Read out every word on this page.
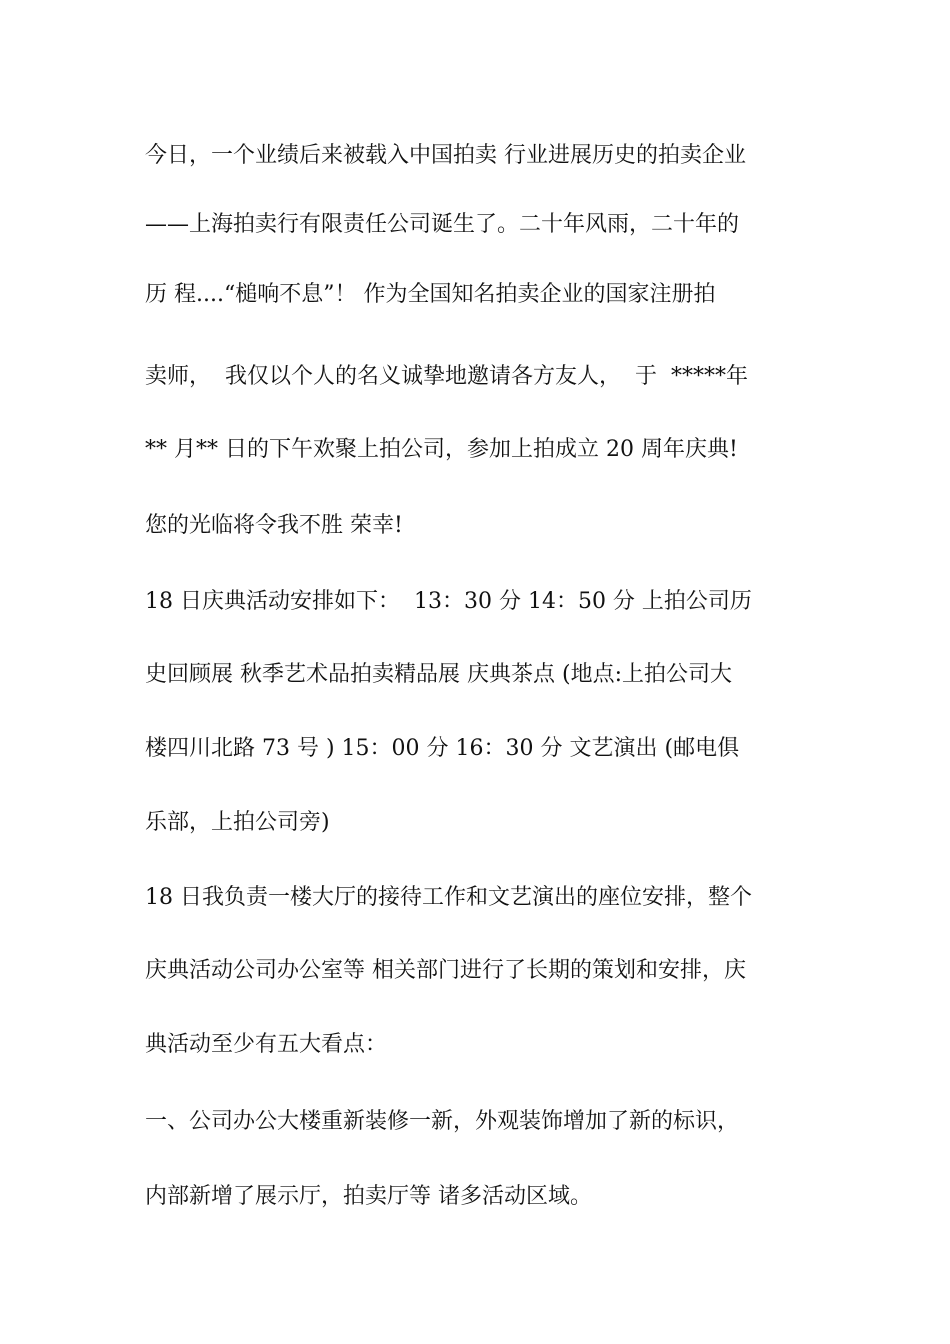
今日，一个业绩后来被载入中国拍卖 行业进展历史的拍卖企业
——上海拍卖行有限责任公司诞生了。二十年风雨，二十年的
历 程....“槌响不息”！ 作为全国知名拍卖企业的国家注册拍
卖师，  我仅以个人的名义诚挚地邀请各方友人，  于  *****年
** 月** 日的下午欢聚上拍公司，参加上拍成立 20 周年庆典!
您的光临将令我不胜 荣幸!
18 日庆典活动安排如下：  13：30 分 14：50 分 上拍公司历
史回顾展 秋季艺术品拍卖精品展 庆典茶点 (地点:上拍公司大
楼四川北路 73 号 ) 15：00 分 16：30 分 文艺演出 (邮电俱
乐部，上拍公司旁)
18 日我负责一楼大厅的接待工作和文艺演出的座位安排，整个
庆典活动公司办公室等 相关部门进行了长期的策划和安排，庆
典活动至少有五大看点：
一、公司办公大楼重新装修一新，外观装饰增加了新的标识，
内部新增了展示厅，拍卖厅等 诸多活动区域。
